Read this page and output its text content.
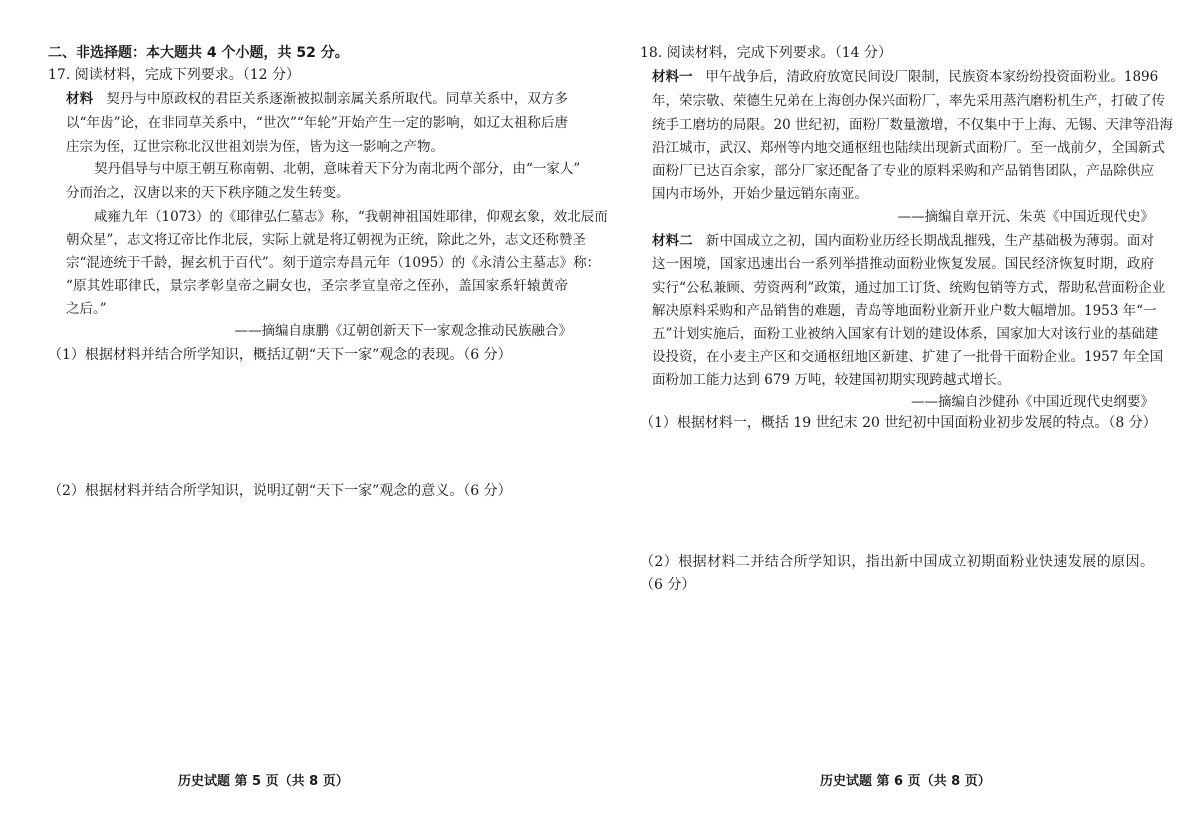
二、非选择题：本大题共 4 个小题，共 52 分。
17. 阅读材料，完成下列要求。（12 分）
材料 契丹与中原政权的君臣关系逐渐被拟制亲属关系所取代。同草关系中，双方多
以“年齿”论，在非同草关系中，“世次”“年轮”开始产生一定的影响，如辽太祖称后唐
庄宗为侄，辽世宗称北汉世祖刘崇为侄，皆为这一影响之产物。
契丹倡导与中原王朝互称南朝、北朝，意味着天下分为南北两个部分，由“一家人”
分而治之，汉唐以来的天下秩序随之发生转变。
咸雍九年（1073）的《耶律弘仁墓志》称，“我朝神祖国姓耶律，仰观玄象，效北辰而
朝众星”，志文将辽帝比作北辰，实际上就是将辽朝视为正统，除此之外，志文还称赞圣
宗“混迹统于千龄，握玄机于百代”。刻于道宗寿昌元年（1095）的《永清公主墓志》称：
“原其姓耶律氏，景宗孝彰皇帝之嗣女也，圣宗孝宣皇帝之侄孙，盖国家系轩辕黄帝
之后。”
——摘编自康鹏《辽朝创新天下一家观念推动民族融合》
（1）根据材料并结合所学知识，概括辽朝“天下一家”观念的表现。（6 分）
（2）根据材料并结合所学知识，说明辽朝“天下一家”观念的意义。（6 分）
历史试题 第 5 页（共 8 页）
18. 阅读材料，完成下列要求。（14 分）
材料一 甲午战争后，清政府放宽民间设厂限制，民族资本家纷纷投资面粉业。1896
年，荣宗敬、荣德生兄弟在上海创办保兴面粉厂，率先采用蒸汽磨粉机生产，打破了传
统手工磨坊的局限。20 世纪初，面粉厂数量激增，不仅集中于上海、无锡、天津等沿海
沿江城市，武汉、郑州等内地交通枢纽也陆续出现新式面粉厂。至一战前夕，全国新式
面粉厂已达百余家，部分厂家还配备了专业的原料采购和产品销售团队，产品除供应
国内市场外，开始少量远销东南亚。
——摘编自章开沅、朱英《中国近现代史》
材料二 新中国成立之初，国内面粉业历经长期战乱摧残，生产基础极为薄弱。面对
这一困境，国家迅速出台一系列举措推动面粉业恢复发展。国民经济恢复时期，政府
实行“公私兼顾、劳资两利”政策，通过加工订货、统购包销等方式，帮助私营面粉企业
解决原料采购和产品销售的难题，青岛等地面粉业新开业户数大幅增加。1953 年“一
五”计划实施后，面粉工业被纳入国家有计划的建设体系，国家加大对该行业的基础建
设投资，在小麦主产区和交通枢纽地区新建、扩建了一批骨干面粉企业。1957 年全国
面粉加工能力达到 679 万吨，较建国初期实现跨越式增长。
——摘编自沙健孙《中国近现代史纲要》
（1）根据材料一，概括 19 世纪末 20 世纪初中国面粉业初步发展的特点。（8 分）
（2）根据材料二并结合所学知识，指出新中国成立初期面粉业快速发展的原因。
（6 分）
历史试题 第 6 页（共 8 页）
